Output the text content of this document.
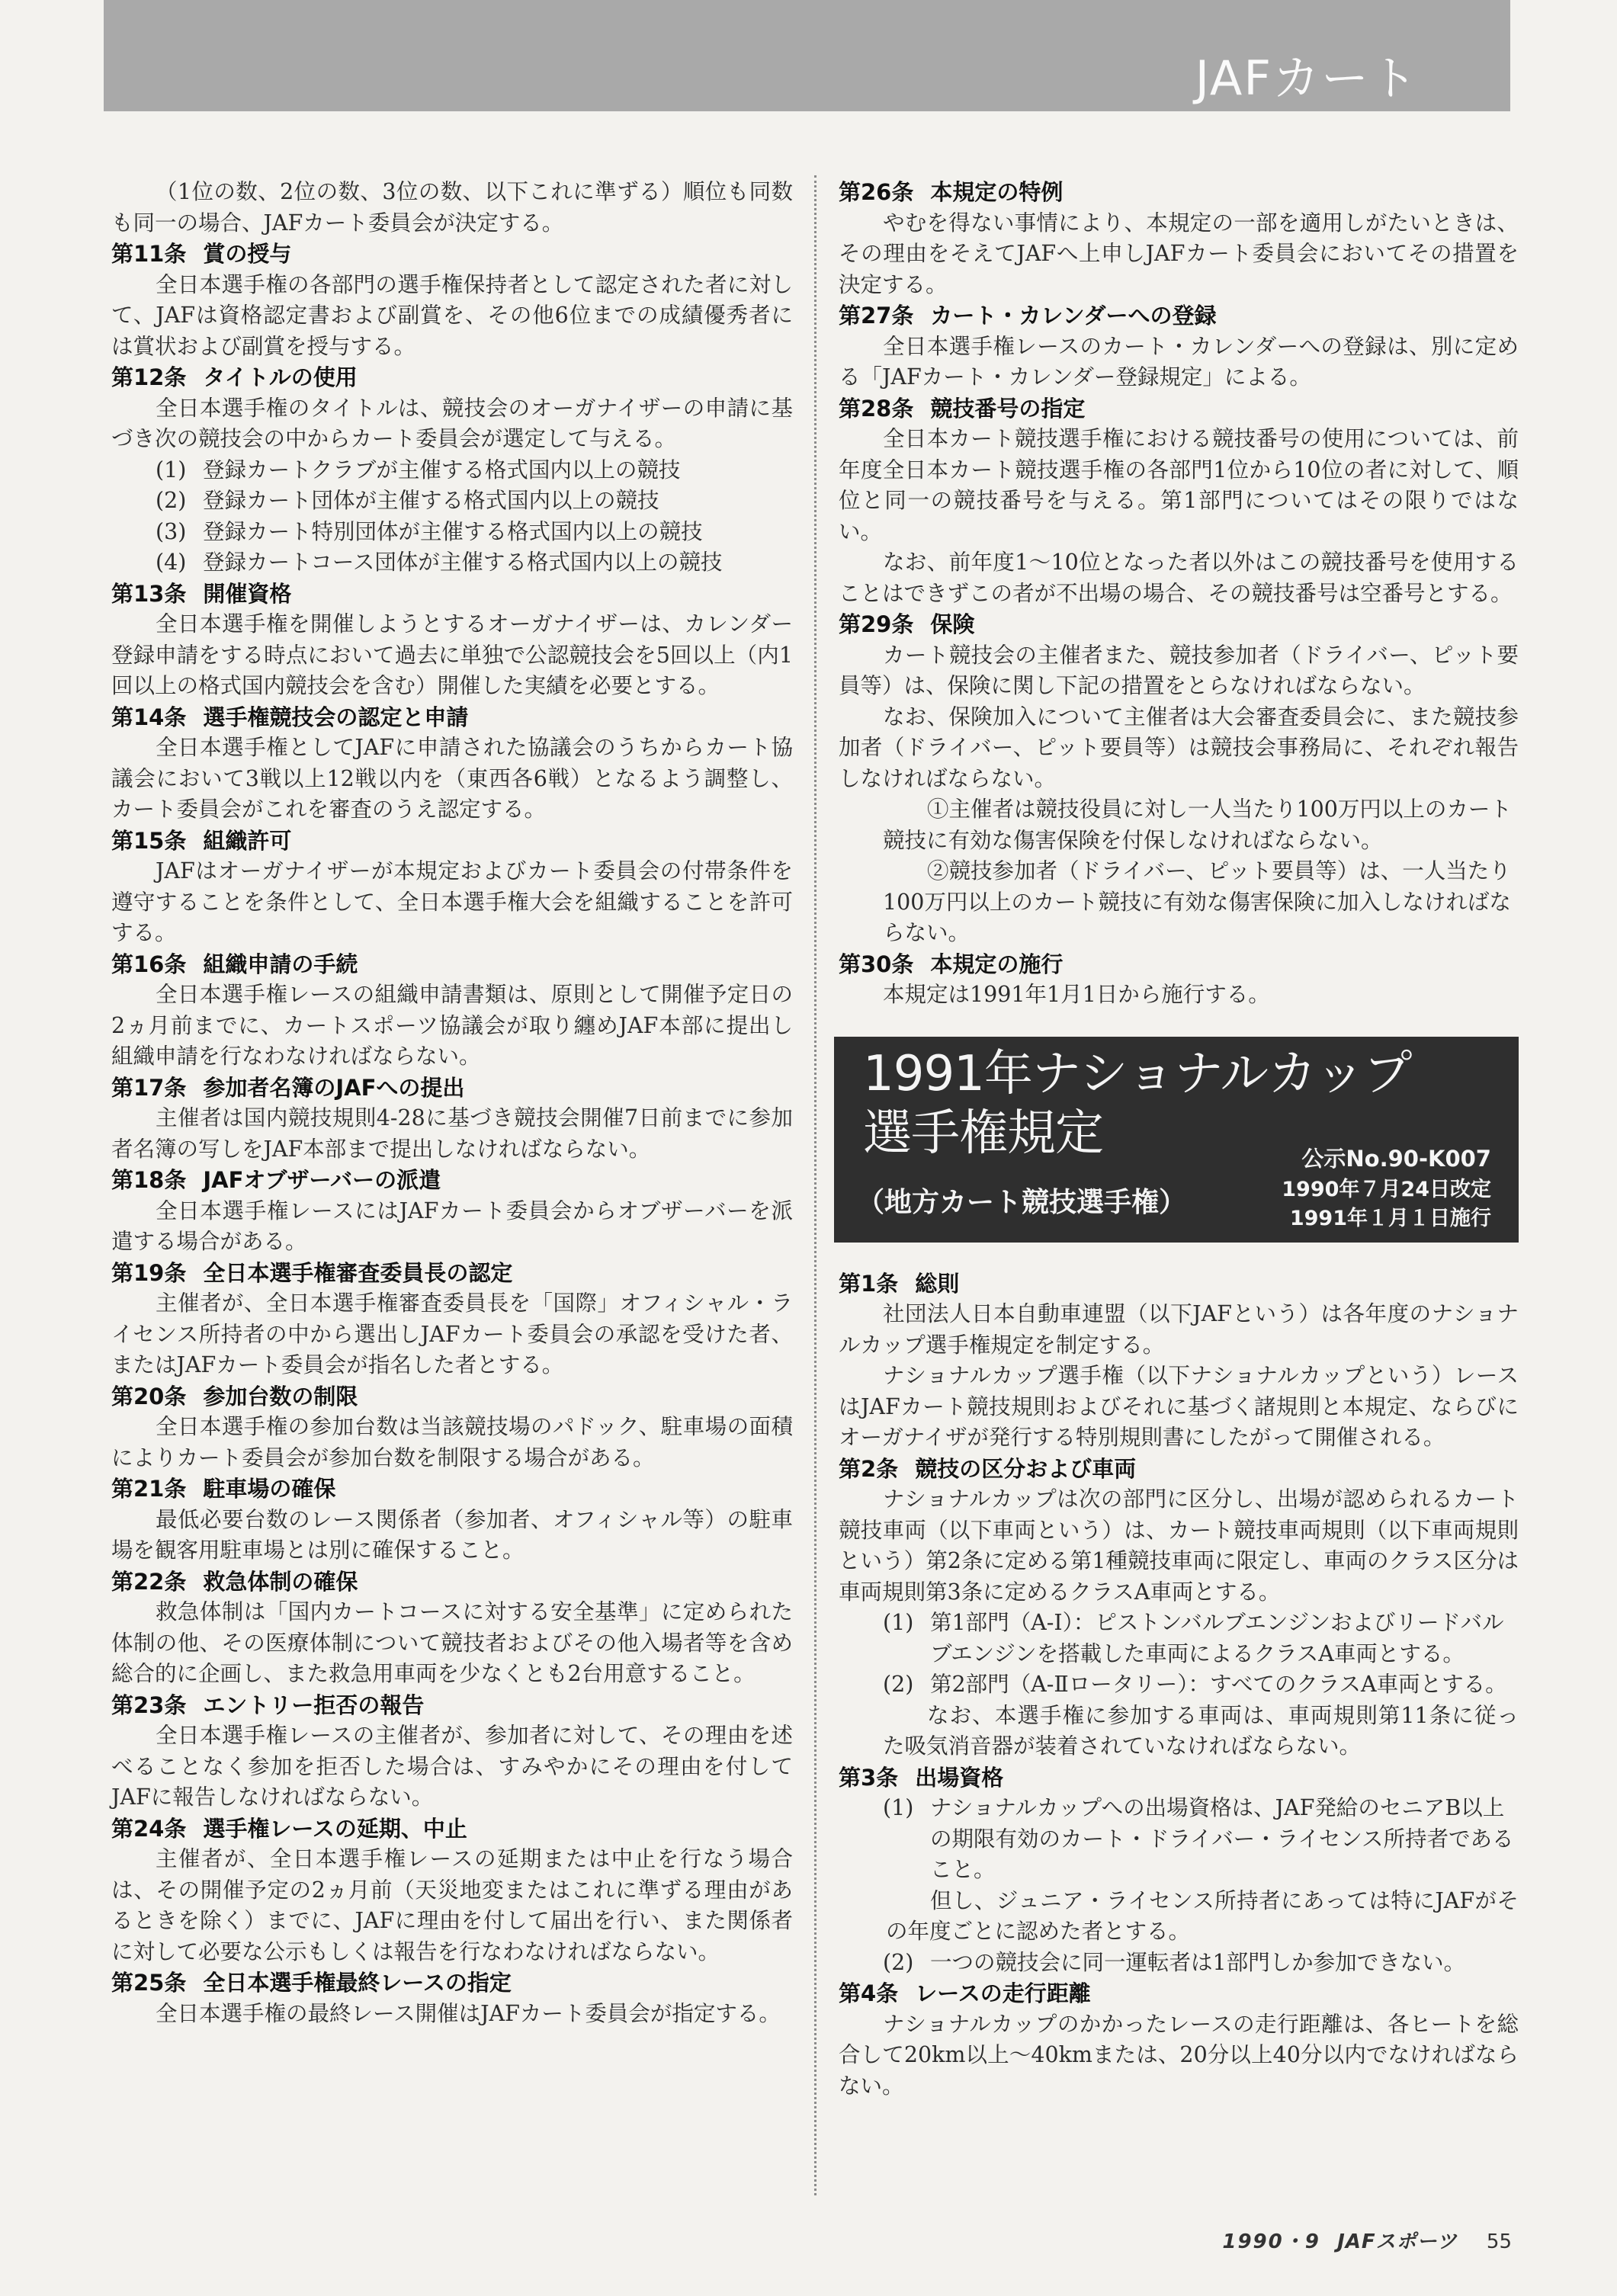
JAFカート
（1位の数、2位の数、3位の数、以下これに準ずる）順位も同数も同一の場合、JAFカート委員会が決定する。
第11条 賞の授与
全日本選手権の各部門の選手権保持者として認定された者に対して、JAFは資格認定書および副賞を、その他6位までの成績優秀者には賞状および副賞を授与する。
第12条 タイトルの使用
全日本選手権のタイトルは、競技会のオーガナイザーの申請に基づき次の競技会の中からカート委員会が選定して与える。
(1) 登録カートクラブが主催する格式国内以上の競技
(2) 登録カート団体が主催する格式国内以上の競技
(3) 登録カート特別団体が主催する格式国内以上の競技
(4) 登録カートコース団体が主催する格式国内以上の競技
第13条 開催資格
全日本選手権を開催しようとするオーガナイザーは、カレンダー登録申請をする時点において過去に単独で公認競技会を5回以上（内1回以上の格式国内競技会を含む）開催した実績を必要とする。
第14条 選手権競技会の認定と申請
全日本選手権としてJAFに申請された協議会のうちからカート協議会において3戦以上12戦以内を（東西各6戦）となるよう調整し、カート委員会がこれを審査のうえ認定する。
第15条 組織許可
JAFはオーガナイザーが本規定およびカート委員会の付帯条件を遵守することを条件として、全日本選手権大会を組織することを許可する。
第16条 組織申請の手続
全日本選手権レースの組織申請書類は、原則として開催予定日の2ヵ月前までに、カートスポーツ協議会が取り纏めJAF本部に提出し組織申請を行なわなければならない。
第17条 参加者名簿のJAFへの提出
主催者は国内競技規則4-28に基づき競技会開催7日前までに参加者名簿の写しをJAF本部まで提出しなければならない。
第18条 JAFオブザーバーの派遣
全日本選手権レースにはJAFカート委員会からオブザーバーを派遣する場合がある。
第19条 全日本選手権審査委員長の認定
主催者が、全日本選手権審査委員長を「国際」オフィシャル・ライセンス所持者の中から選出しJAFカート委員会の承認を受けた者、またはJAFカート委員会が指名した者とする。
第20条 参加台数の制限
全日本選手権の参加台数は当該競技場のパドック、駐車場の面積によりカート委員会が参加台数を制限する場合がある。
第21条 駐車場の確保
最低必要台数のレース関係者（参加者、オフィシャル等）の駐車場を観客用駐車場とは別に確保すること。
第22条 救急体制の確保
救急体制は「国内カートコースに対する安全基準」に定められた体制の他、その医療体制について競技者およびその他入場者等を含め総合的に企画し、また救急用車両を少なくとも2台用意すること。
第23条 エントリー拒否の報告
全日本選手権レースの主催者が、参加者に対して、その理由を述べることなく参加を拒否した場合は、すみやかにその理由を付してJAFに報告しなければならない。
第24条 選手権レースの延期、中止
主催者が、全日本選手権レースの延期または中止を行なう場合は、その開催予定の2ヵ月前（天災地変またはこれに準ずる理由があるときを除く）までに、JAFに理由を付して届出を行い、また関係者に対して必要な公示もしくは報告を行なわなければならない。
第25条 全日本選手権最終レースの指定
全日本選手権の最終レース開催はJAFカート委員会が指定する。
第26条 本規定の特例
やむを得ない事情により、本規定の一部を適用しがたいときは、その理由をそえてJAFへ上申しJAFカート委員会においてその措置を決定する。
第27条 カート・カレンダーへの登録
全日本選手権レースのカート・カレンダーへの登録は、別に定める「JAFカート・カレンダー登録規定」による。
第28条 競技番号の指定
全日本カート競技選手権における競技番号の使用については、前年度全日本カート競技選手権の各部門1位から10位の者に対して、順位と同一の競技番号を与える。第1部門についてはその限りではない。
なお、前年度1～10位となった者以外はこの競技番号を使用することはできずこの者が不出場の場合、その競技番号は空番号とする。
第29条 保険
カート競技会の主催者また、競技参加者（ドライバー、ピット要員等）は、保険に関し下記の措置をとらなければならない。
なお、保険加入について主催者は大会審査委員会に、また競技参加者（ドライバー、ピット要員等）は競技会事務局に、それぞれ報告しなければならない。
①主催者は競技役員に対し一人当たり100万円以上のカート競技に有効な傷害保険を付保しなければならない。
②競技参加者（ドライバー、ピット要員等）は、一人当たり100万円以上のカート競技に有効な傷害保険に加入しなければならない。
第30条 本規定の施行
本規定は1991年1月1日から施行する。
1991年ナショナルカップ
選手権規定	公示No.90-K007
（地方カート競技選手権）	1990年７月24日改定
1991年１月１日施行
第1条 総則
社団法人日本自動車連盟（以下JAFという）は各年度のナショナルカップ選手権規定を制定する。
ナショナルカップ選手権（以下ナショナルカップという）レースはJAFカート競技規則およびそれに基づく諸規則と本規定、ならびにオーガナイザが発行する特別規則書にしたがって開催される。
第2条 競技の区分および車両
ナショナルカップは次の部門に区分し、出場が認められるカート競技車両（以下車両という）は、カート競技車両規則（以下車両規則という）第2条に定める第1種競技車両に限定し、車両のクラス区分は車両規則第3条に定めるクラスA車両とする。
(1) 第1部門（A-Ⅰ）：ピストンバルブエンジンおよびリードバルブエンジンを搭載した車両によるクラスA車両とする。
(2) 第2部門（A-Ⅱロータリー）：すべてのクラスA車両とする。
なお、本選手権に参加する車両は、車両規則第11条に従った吸気消音器が装着されていなければならない。
第3条 出場資格
(1) ナショナルカップへの出場資格は、JAF発給のセニアB以上の期限有効のカート・ドライバー・ライセンス所持者であること。
但し、ジュニア・ライセンス所持者にあっては特にJAFがその年度ごとに認めた者とする。
(2) 一つの競技会に同一運転者は1部門しか参加できない。
第4条 レースの走行距離
ナショナルカップのかかったレースの走行距離は、各ヒートを総合して20km以上～40kmまたは、20分以上40分以内でなければならない。
1990・9 JAFスポーツ 55
